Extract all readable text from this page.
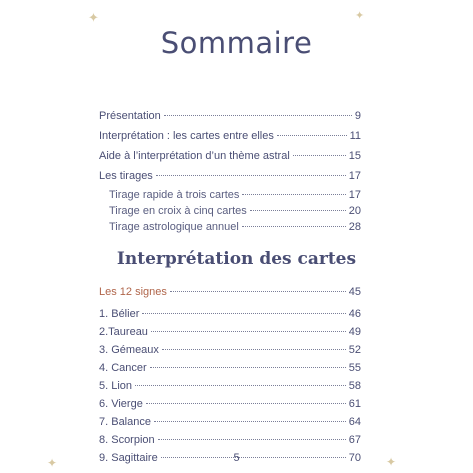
✦	✦
✦	✦
Sommaire
Présentation	9
Interprétation : les cartes entre elles	11
Aide à l’interprétation d’un thème astral	15
Les tirages	17
Tirage rapide à trois cartes	17
Tirage en croix à cinq cartes	20
Tirage astrologique annuel	28
Interprétation des cartes
Les 12 signes	45
1. Bélier	46
2.Taureau	49
3. Gémeaux	52
4. Cancer	55
5. Lion	58
6. Vierge	61
7. Balance	64
8. Scorpion	67
9. Sagittaire	70
5
